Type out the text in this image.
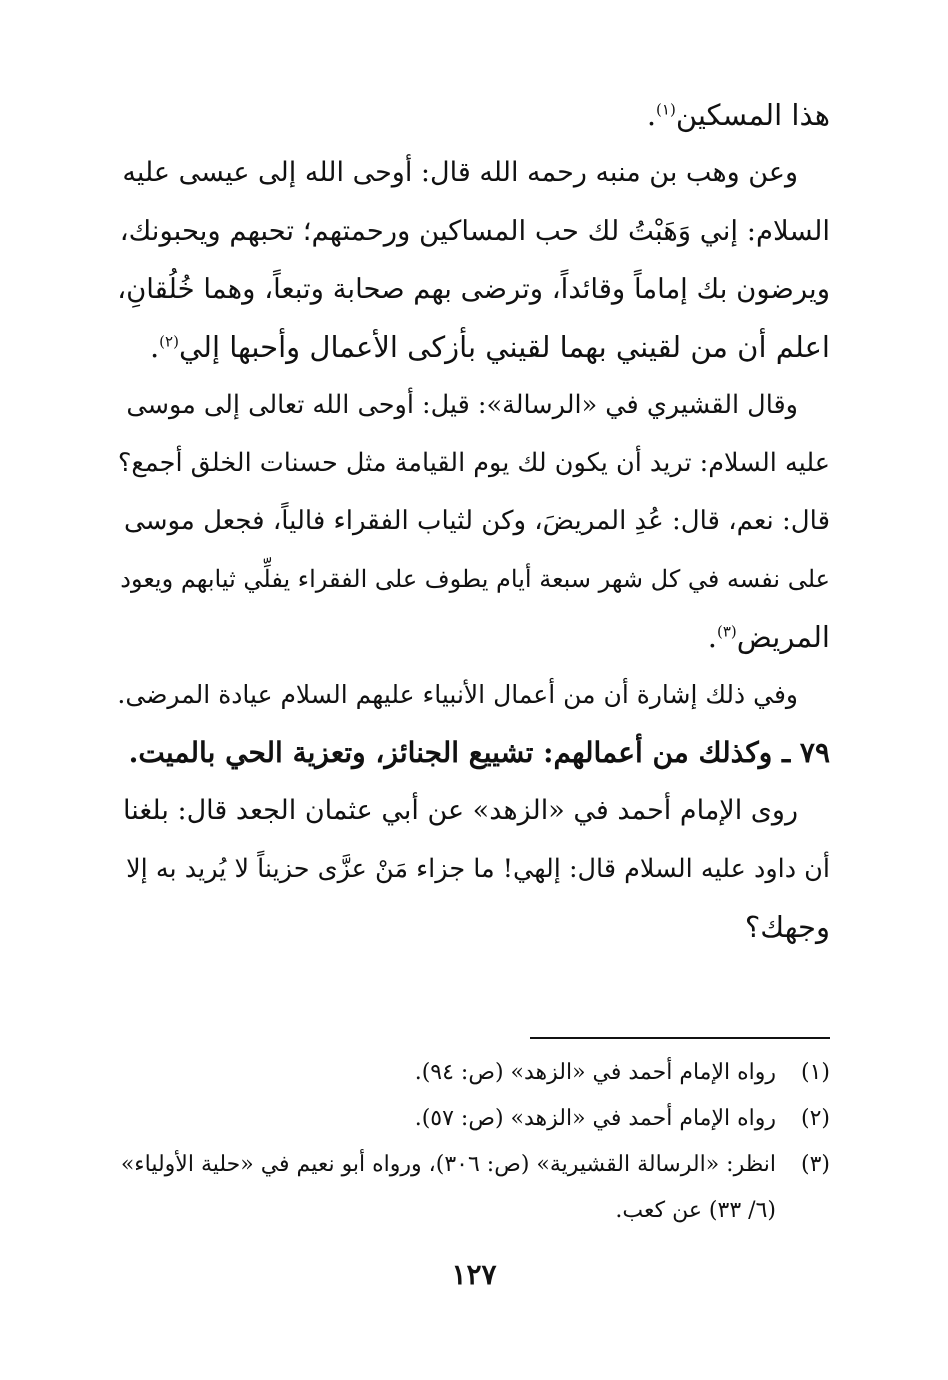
هذا المسكين$^{(١)}$.
وعن وهب بن منبه رحمه الله قال: أوحى الله إلى عيسى عليه
السلام: إني وَهَبْتُ لك حب المساكين ورحمتهم؛ تحبهم ويحبونك،
ويرضون بك إماماً وقائداً، وترضى بهم صحابة وتبعاً، وهما خُلُقانِ،
اعلم أن من لقيني بهما لقيني بأزكى الأعمال وأحبها إلي$^{(٢)}$.
وقال القشيري في «الرسالة»: قيل: أوحى الله تعالى إلى موسى
عليه السلام: تريد أن يكون لك يوم القيامة مثل حسنات الخلق أجمع؟
قال: نعم، قال: عُدِ المريضَ، وكن لثياب الفقراء فالياً، فجعل موسى
على نفسه في كل شهر سبعة أيام يطوف على الفقراء يفلِّي ثيابهم ويعود
المريض$^{(٣)}$.
وفي ذلك إشارة أن من أعمال الأنبياء عليهم السلام عيادة المرضى.
٧٩ ـ وكذلك من أعمالهم: تشييع الجنائز، وتعزية الحي بالميت.
روى الإمام أحمد في «الزهد» عن أبي عثمان الجعد قال: بلغنا
أن داود عليه السلام قال: إلهي! ما جزاء مَنْ عزَّى حزيناً لا يُريد به إلا
وجهك؟
(١)
رواه الإمام أحمد في «الزهد» (ص: ٩٤).
(٢)
رواه الإمام أحمد في «الزهد» (ص: ٥٧).
(٣)
انظر: «الرسالة القشيرية» (ص: ٣٠٦)، ورواه أبو نعيم في «حلية الأولياء»
(٦/ ٣٣) عن كعب.
١٢٧
